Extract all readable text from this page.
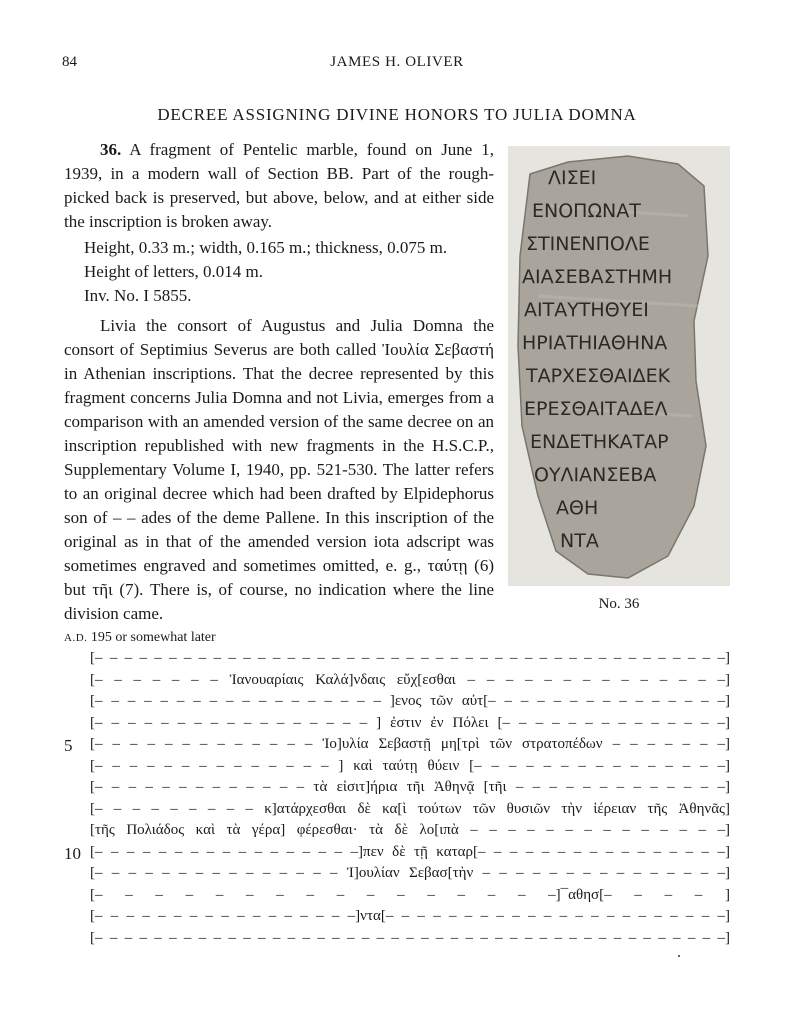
84	JAMES H. OLIVER
DECREE ASSIGNING DIVINE HONORS TO JULIA DOMNA
36. A fragment of Pentelic marble, found on June 1, 1939, in a modern wall of Section BB. Part of the rough-picked back is preserved, but above, below, and at either side the inscription is broken away.
Height, 0.33 m.; width, 0.165 m.; thickness, 0.075 m.
Height of letters, 0.014 m.
Inv. No. I 5855.
Livia the consort of Augustus and Julia Domna the consort of Septimius Severus are both called Ἰουλία Σεβαστή in Athenian inscriptions. That the decree represented by this fragment concerns Julia Domna and not Livia, emerges from a comparison with an amended version of the same decree on an inscription republished with new fragments in the H.S.C.P., Supplementary Volume I, 1940, pp. 521-530. The latter refers to an original decree which had been drafted by Elpidephorus son of – – ades of the deme Pallene. In this inscription of the original as in that of the amended version iota adscript was sometimes engraved and sometimes omitted, e. g., ταύτῃ (6) but τῆι (7). There is, of course, no indication where the line division came.
ΛΙΣΕΙ
ΕΝΟΠΩΝΑΤ
ΣΤΙΝΕΝΠΟΛΕ
ΑΙΑΣΕΒΑΣΤΗΜΗ
ΑΙΤΑΥΤΗΘΥΕΙ
ΗΡΙΑΤΗΙΑΘΗΝΑ
ΤΑΡΧΕΣΘΑΙΔΕΚ
ΕΡΕΣΘΑΙΤΑΔΕΛ
ΕΝΔΕΤΗΚΑΤΑΡ
ΟΥΛΙΑΝΣΕΒΑ
ΑΘΗ
ΝΤΑ
No. 36
A.D. 195 or somewhat later
[– – – – – – – – – – – – – – – – – – – – – – – – – – – – – – – – – – – – – – – – – – –]
[– – – – – – – Ἰανουαρίαις Καλά]νδαις εὔχ[εσθαι – – – – – – – – – – – – – –]
[– – – – – – – – – – – – – – – – – – ]ενος τῶν αὐτ[– – – – – – – – – – – – – – –]
[– – – – – – – – – – – – – – – – – ] ἐστιν ἐν Πόλει [– – – – – – – – – – – – – –]
5	[– – – – – – – – – – – – – Ἰο]υλία Σεβαστῇ μη[τρὶ τῶν στρατοπέδων – – – – – – –]
[– – – – – – – – – – – – – – ] καὶ ταύτῃ θύειν [– – – – – – – – – – – – – – –]
[– – – – – – – – – – – – – τὰ εἰσιτ]ήρια τῆι Ἀθηνᾷ [τῆι – – – – – – – – – – – – –]
[– – – – – – – – – κ]ατάρχεσθαι δὲ κα[ὶ τούτων τῶν θυσιῶν τὴν ἱέρειαν τῆς Ἀθηνᾶς]
[τῆς Πολιάδος καὶ τὰ γέρα] φέρεσθαι· τὰ δὲ λο[ιπὰ – – – – – – – – – – – – – –]
10 [– – – – – – – – – – – – – – – – –]πεν δὲ τῇ καταρ[– – – – – – – – – – – – – – – –]
[– – – – – – – – – – – – – – – Ἰ]ουλίαν Σεβασ[τὴν – – – – – – – – – – – – – – –]
[– – – – – – – – – – – – – – – –]¯αθησ[– – – – ]
[– – – – – – – – – – – – – – – – –]ντα[– – – – – – – – – – – – – – – – – – – – – –]
[– – – – – – – – – – – – – – – – – – – – – – – – – – – – – – – – – – – – – – – – – – –]
